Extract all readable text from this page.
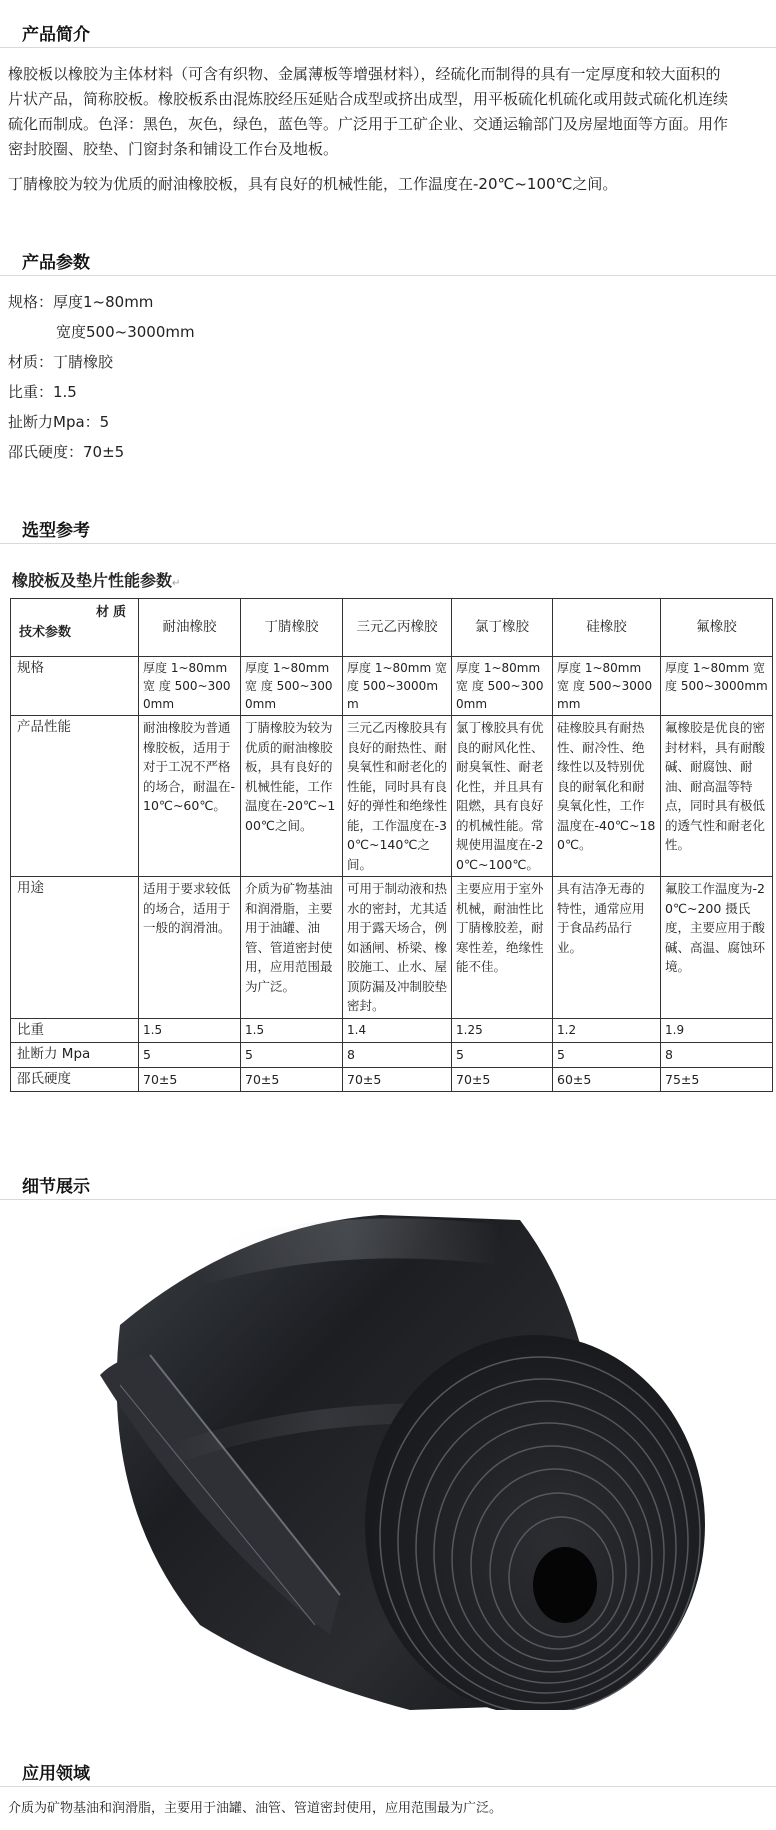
产品简介
橡胶板以橡胶为主体材料（可含有织物、金属薄板等增强材料），经硫化而制得的具有一定厚度和较大面积的
片状产品，简称胶板。橡胶板系由混炼胶经压延贴合成型或挤出成型，用平板硫化机硫化或用鼓式硫化机连续
硫化而制成。色泽：黑色，灰色，绿色，蓝色等。广泛用于工矿企业、交通运输部门及房屋地面等方面。用作
密封胶圈、胶垫、门窗封条和铺设工作台及地板。
丁腈橡胶为较为优质的耐油橡胶板，具有良好的机械性能，工作温度在-20℃~100℃之间。
产品参数
规格：厚度1~80mm
宽度500~3000mm
材质：丁腈橡胶
比重：1.5
扯断力Mpa：5
邵氏硬度：70±5
选型参考
橡胶板及垫片性能参数↵
材质
技术参数	耐油橡胶	丁腈橡胶	三元乙丙橡胶	氯丁橡胶	硅橡胶	氟橡胶
规格	厚度 1~80mm 宽 度 500~3000mm	厚度 1~80mm 宽 度 500~3000mm	厚度 1~80mm 宽 度 500~3000mm	厚度 1~80mm 宽 度 500~3000mm	厚度 1~80mm 宽 度 500~3000mm	厚度 1~80mm 宽 度 500~3000mm
产品性能	耐油橡胶为普通橡胶板，适用于对于工况不严格的场合，耐温在-10℃~60℃。	丁腈橡胶为较为优质的耐油橡胶板，具有良好的机械性能，工作温度在-20℃~100℃之间。	三元乙丙橡胶具有良好的耐热性、耐臭氧性和耐老化的性能，同时具有良好的弹性和绝缘性能，工作温度在-30℃~140℃之间。	氯丁橡胶具有优良的耐风化性、耐臭氧性、耐老化性，并且具有阻燃，具有良好的机械性能。常规使用温度在-20℃~100℃。	硅橡胶具有耐热性、耐冷性、绝缘性以及特别优良的耐氧化和耐臭氧化性，工作温度在-40℃~180℃。	氟橡胶是优良的密封材料，具有耐酸碱、耐腐蚀、耐油、耐高温等特点，同时具有极低的透气性和耐老化性。
用途	适用于要求较低的场合，适用于一般的润滑油。	介质为矿物基油和润滑脂，主要用于油罐、油管、管道密封使用，应用范围最为广泛。	可用于制动液和热水的密封，尤其适用于露天场合，例如涵闸、桥梁、橡胶施工、止水、屋顶防漏及冲制胶垫密封。	主要应用于室外机械，耐油性比丁腈橡胶差，耐寒性差，绝缘性能不佳。	具有洁净无毒的特性，通常应用于食品药品行业。	氟胶工作温度为-20℃~200 摄氏度，主要应用于酸碱、高温、腐蚀环境。
比重	1.5	1.5	1.4	1.25	1.2	1.9
扯断力 Mpa	5	5	8	5	5	8
邵氏硬度	70±5	70±5	70±5	70±5	60±5	75±5
细节展示
应用领域
介质为矿物基油和润滑脂，主要用于油罐、油管、管道密封使用，应用范围最为广泛。
